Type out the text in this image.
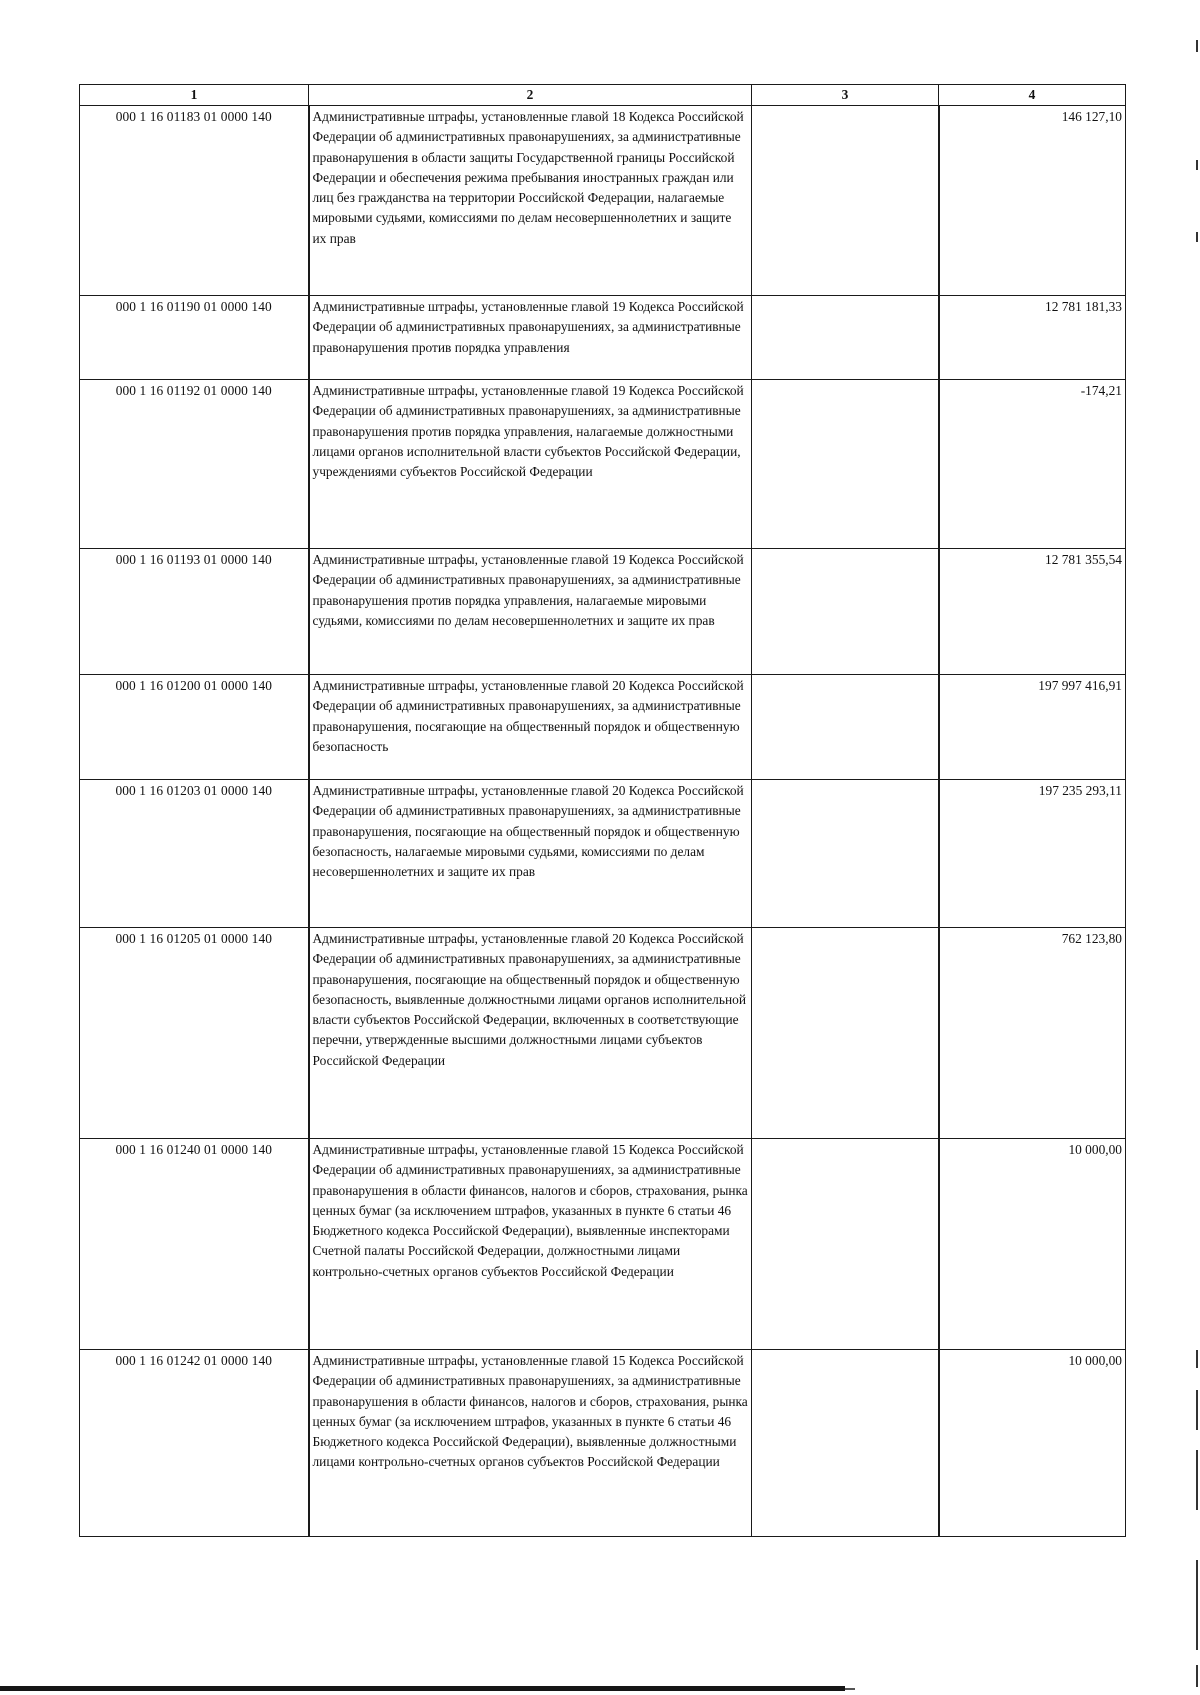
1	2	3	4
000 1 16 01183 01 0000 140	Административные штрафы, установленные главой 18 Кодекса Российской Федерации об административных правонарушениях, за административные правонарушения в области защиты Государственной границы Российской Федерации и обеспечения режима пребывания иностранных граждан или лиц без гражданства на территории Российской Федерации, налагаемые мировыми судьями, комиссиями по делам несовершеннолетних и защите их прав		146 127,10
000 1 16 01190 01 0000 140	Административные штрафы, установленные главой 19 Кодекса Российской Федерации об административных правонарушениях, за административные правонарушения против порядка управления		12 781 181,33
000 1 16 01192 01 0000 140	Административные штрафы, установленные главой 19 Кодекса Российской Федерации об административных правонарушениях, за административные правонарушения против порядка управления, налагаемые должностными лицами органов исполнительной власти субъектов Российской Федерации, учреждениями субъектов Российской Федерации		-174,21
000 1 16 01193 01 0000 140	Административные штрафы, установленные главой 19 Кодекса Российской Федерации об административных правонарушениях, за административные правонарушения против порядка управления, налагаемые мировыми судьями, комиссиями по делам несовершеннолетних и защите их прав		12 781 355,54
000 1 16 01200 01 0000 140	Административные штрафы, установленные главой 20 Кодекса Российской Федерации об административных правонарушениях, за административные правонарушения, посягающие на общественный порядок и общественную безопасность		197 997 416,91
000 1 16 01203 01 0000 140	Административные штрафы, установленные главой 20 Кодекса Российской Федерации об административных правонарушениях, за административные правонарушения, посягающие на общественный порядок и общественную безопасность, налагаемые мировыми судьями, комиссиями по делам несовершеннолетних и защите их прав		197 235 293,11
000 1 16 01205 01 0000 140	Административные штрафы, установленные главой 20 Кодекса Российской Федерации об административных правонарушениях, за административные правонарушения, посягающие на общественный порядок и общественную безопасность, выявленные должностными лицами органов исполнительной власти субъектов Российской Федерации, включенных в соответствующие перечни, утвержденные высшими должностными лицами субъектов Российской Федерации		762 123,80
000 1 16 01240 01 0000 140	Административные штрафы, установленные главой 15 Кодекса Российской Федерации об административных правонарушениях, за административные правонарушения в области финансов, налогов и сборов, страхования, рынка ценных бумаг (за исключением штрафов, указанных в пункте 6 статьи 46 Бюджетного кодекса Российской Федерации), выявленные инспекторами Счетной палаты Российской Федерации, должностными лицами контрольно-счетных органов субъектов Российской Федерации		10 000,00
000 1 16 01242 01 0000 140	Административные штрафы, установленные главой 15 Кодекса Российской Федерации об административных правонарушениях, за административные правонарушения в области финансов, налогов и сборов, страхования, рынка ценных бумаг (за исключением штрафов, указанных в пункте 6 статьи 46 Бюджетного кодекса Российской Федерации), выявленные должностными лицами контрольно-счетных органов субъектов Российской Федерации		10 000,00
